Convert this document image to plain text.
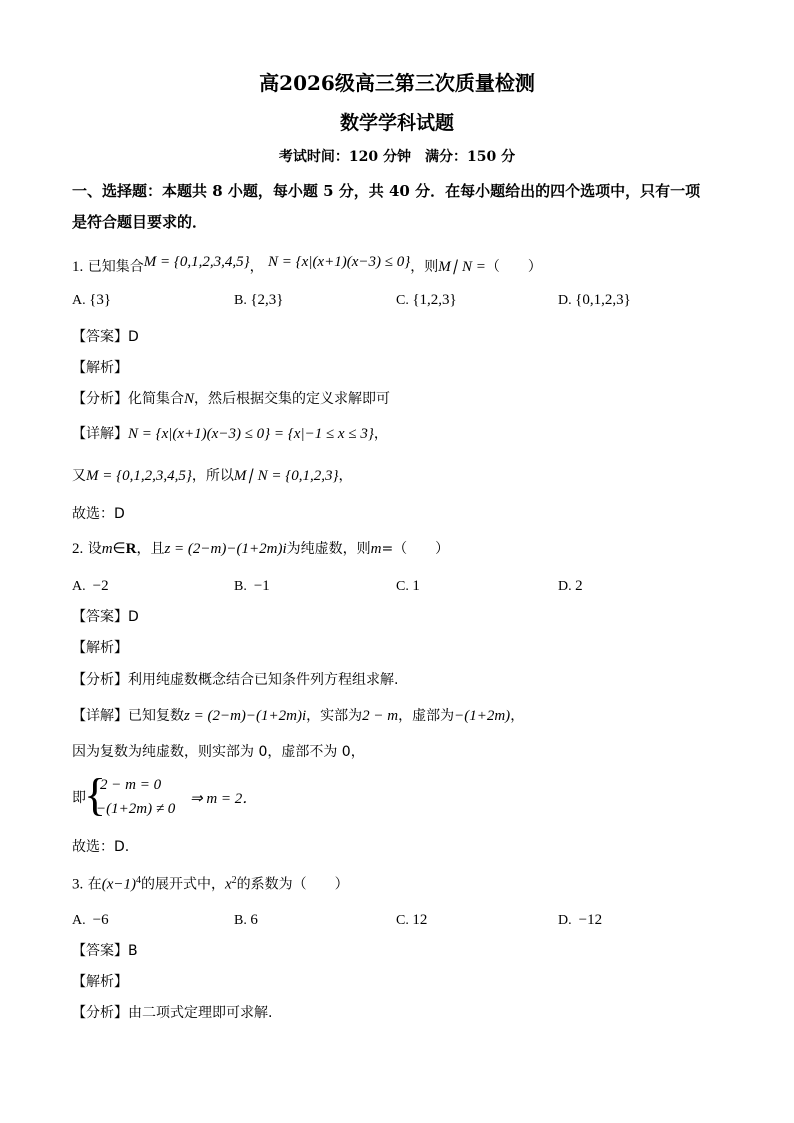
高2026级高三第三次质量检测
数学学科试题
考试时间：120 分钟　满分：150 分
一、选择题：本题共 8 小题，每小题 5 分，共 40 分．在每小题给出的四个选项中，只有一项
是符合题目要求的．
1. 已知集合M = {0,1,2,3,4,5}， N = {x|(x+1)(x−3) ≤ 0}，则M∣ N =（　　）
A. {3}	B. {2,3}	C. {1,2,3}	D. {0,1,2,3}
【答案】D
【解析】
【分析】化简集合N，然后根据交集的定义求解即可
【详解】N = {x|(x+1)(x−3) ≤ 0} = {x|−1 ≤ x ≤ 3}，
又M = {0,1,2,3,4,5}，所以M∣ N = {0,1,2,3}，
故选：D
2. 设m∈R，且z = (2−m)−(1+2m)i为纯虚数，则m=（　　）
A. −2	B. −1	C. 1	D. 2
【答案】D
【解析】
【分析】利用纯虚数概念结合已知条件列方程组求解.
【详解】已知复数z = (2−m)−(1+2m)i，实部为2 − m，虚部为−(1+2m)，
因为复数为纯虚数，则实部为 0，虚部不为 0，
即
{
2 − m = 0
−(1+2m) ≠ 0
⇒ m = 2．
故选：D.
3. 在$(x-1)^4$的展开式中，$x^2$的系数为（　　）
A. −6	B. 6	C. 12	D. −12
【答案】B
【解析】
【分析】由二项式定理即可求解.
